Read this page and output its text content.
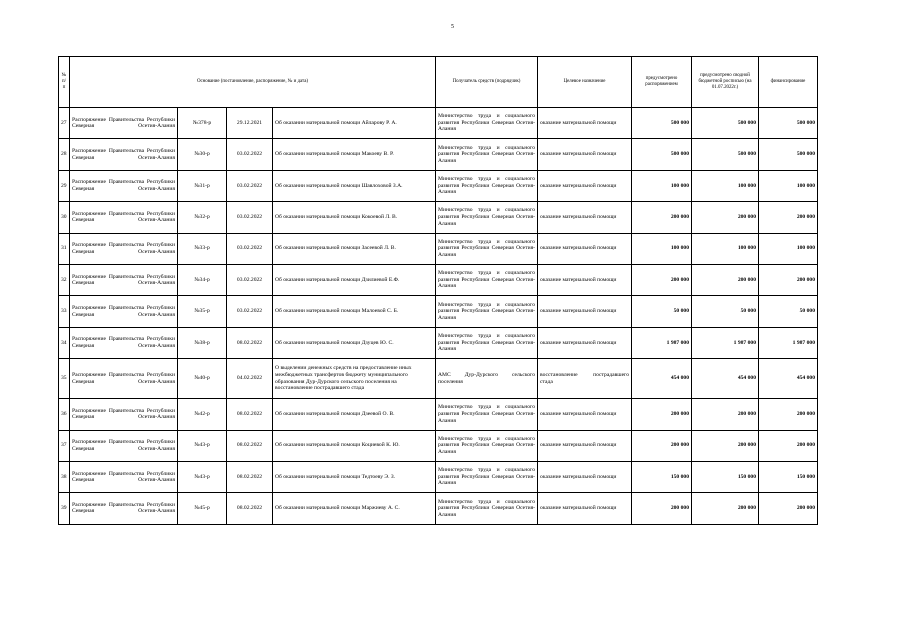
5
№ п/п	Основание (постановление, распоряжение, № и дата)				Получатель средств (подрядчик)	Целевое назначение	предусмотрено распоряжением	предусмотрено сводной бюджетной росписью (на 01.07.2022г.)	финансирование
27	Распоряжение Правительства Республики Северная Осетия-Алания	№378-р	29.12.2021	Об оказании материальной помощи Айларову Р. А.	Министерство труда и социального развития Республики Северная Осетия-Алания	оказание материальной помощи	500 000	500 000	500 000
28	Распоряжение Правительства Республики Северная Осетия-Алания	№30-р	03.02.2022	Об оказании материальной помощи Макоеву В. Р.	Министерство труда и социального развития Республики Северная Осетия-Алания	оказание материальной помощи	500 000	500 000	500 000
29	Распоряжение Правительства Республики Северная Осетия-Алания	№31-р	03.02.2022	Об оказании материальной помощи Шавлоховой З.А.	Министерство труда и социального развития Республики Северная Осетия-Алания	оказание материальной помощи	100 000	100 000	100 000
30	Распоряжение Правительства Республики Северная Осетия-Алания	№32-р	03.02.2022	Об оказании материальной помощи Кокоевой Л. В.	Министерство труда и социального развития Республики Северная Осетия-Алания	оказание материальной помощи	200 000	200 000	200 000
31	Распоряжение Правительства Республики Северная Осетия-Алания	№33-р	03.02.2022	Об оказании материальной помощи Засеевой Л. В.	Министерство труда и социального развития Республики Северная Осетия-Алания	оказание материальной помощи	100 000	100 000	100 000
32	Распоряжение Правительства Республики Северная Осетия-Алания	№34-р	03.02.2022	Об оказании материальной помощи Дзилиевой Е.Ф.	Министерство труда и социального развития Республики Северная Осетия-Алания	оказание материальной помощи	200 000	200 000	200 000
33	Распоряжение Правительства Республики Северная Осетия-Алания	№35-р	03.02.2022	Об оказании материальной помощи Малоевой С. Б.	Министерство труда и социального развития Республики Северная Осетия-Алания	оказание материальной помощи	50 000	50 000	50 000
34	Распоряжение Правительства Республики Северная Осетия-Алания	№38-р	08.02.2022	Об оказании материальной помощи Дзуцев Ю. С.	Министерство труда и социального развития Республики Северная Осетия-Алания	оказание материальной помощи	1 987 000	1 987 000	1 987 000
35	Распоряжение Правительства Республики Северная Осетия-Алания	№40-р	04.02.2022	О выделении денежных средств на предоставление иных межбюджетных трансфертов бюджету муниципального образования Дур-Дурского сельского поселения на восстановление пострадавшего стада	АМС Дур-Дурского сельского поселения	восстановление пострадавшего стада	454 000	454 000	454 000
36	Распоряжение Правительства Республики Северная Осетия-Алания	№42-р	08.02.2022	Об оказании материальной помощи Дзеевой О. В.	Министерство труда и социального развития Республики Северная Осетия-Алания	оказание материальной помощи	200 000	200 000	200 000
37	Распоряжение Правительства Республики Северная Осетия-Алания	№43-р	08.02.2022	Об оказании материальной помощи Коциевой К. Ю.	Министерство труда и социального развития Республики Северная Осетия-Алания	оказание материальной помощи	200 000	200 000	200 000
38	Распоряжение Правительства Республики Северная Осетия-Алания	№43-р	08.02.2022	Об оказании материальной помощи Тедтоеву Э. З.	Министерство труда и социального развития Республики Северная Осетия-Алания	оказание материальной помощи	150 000	150 000	150 000
39	Распоряжение Правительства Республики Северная Осетия-Алания	№45-р	08.02.2022	Об оказании материальной помощи Маржиеву А. С.	Министерство труда и социального развития Республики Северная Осетия-Алания	оказание материальной помощи	200 000	200 000	200 000
